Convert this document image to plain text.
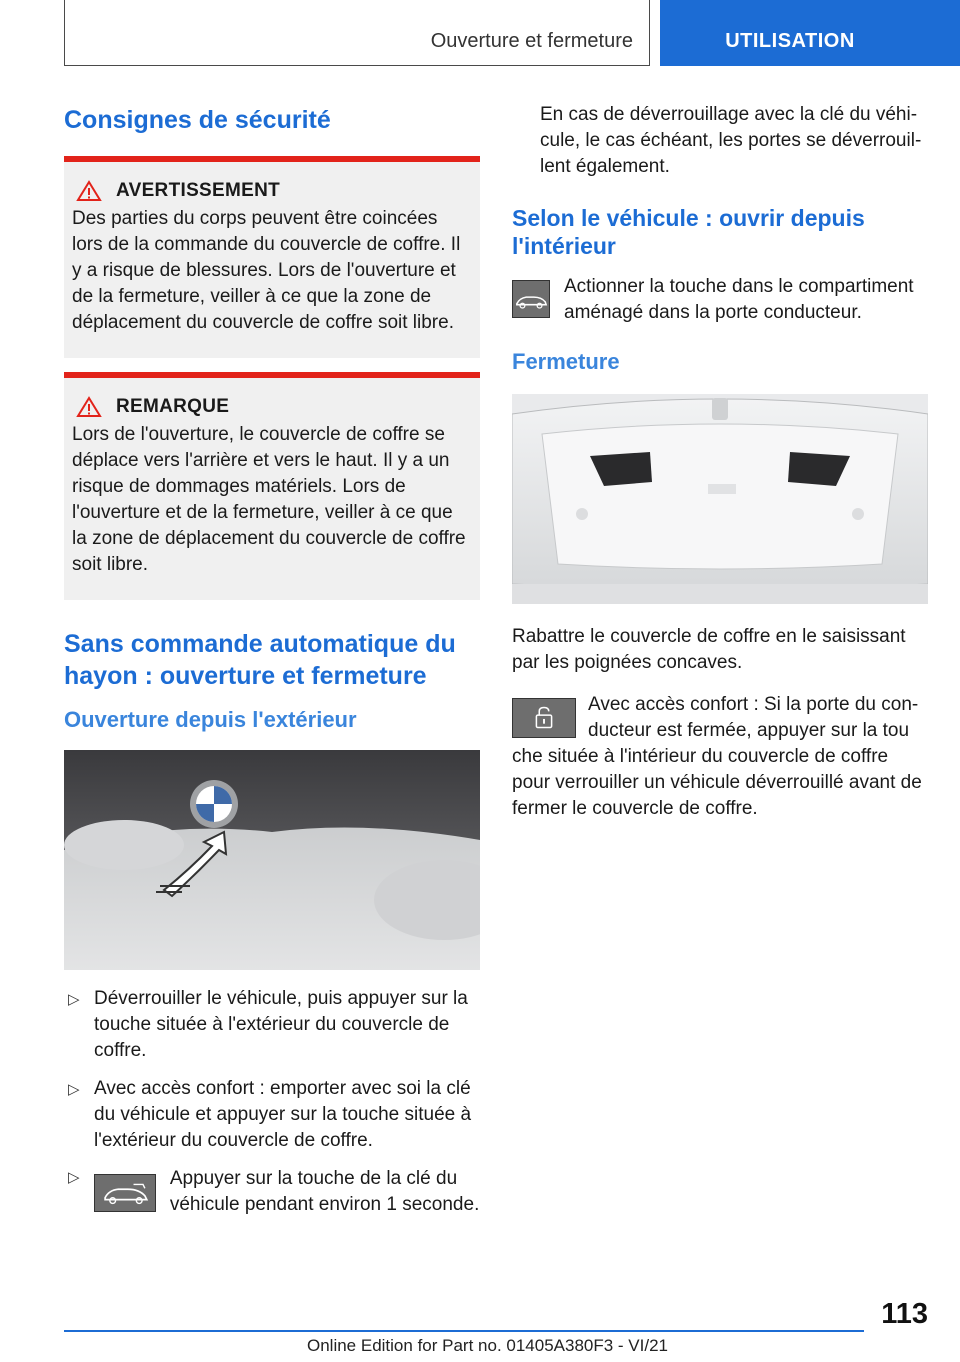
Ouverture et fermeture	UTILISATION
Consignes de sécurité
AVERTISSEMENT

Des parties du corps peuvent être coincées lors de la commande du couvercle de coffre. Il y a risque de blessures. Lors de l'ouverture et de la fermeture, veiller à ce que la zone de déplacement du couvercle de coffre soit libre.

REMARQUE

Lors de l'ouverture, le couvercle de coffre se déplace vers l'arrière et vers le haut. Il y a un risque de dommages matériels. Lors de l'ouverture et de la fermeture, veiller à ce que la zone de déplacement du couvercle de coffre soit libre.

Sans commande automatique du hayon : ouverture et fermeture
Ouverture depuis l'extérieur
▷ Déverrouiller le véhicule, puis appuyer sur la touche située à l'extérieur du couvercle de coffre.
▷ Avec accès confort : emporter avec soi la clé du véhicule et appuyer sur la touche située à l'extérieur du couvercle de coffre.
▷	Appuyer sur la touche de la clé du véhicule pendant environ 1 seconde.

En cas de déverrouillage avec la clé du véhicule, le cas échéant, les portes se déverrouillent également.

Selon le véhicule : ouvrir depuis l'intérieur

Actionner la touche dans le compartiment aménagé dans la porte conducteur.

Fermeture

Rabattre le couvercle de coffre en le saisissant par les poignées concaves.

Avec accès confort : Si la porte du conducteur est fermée, appuyer sur la tou

che située à l'intérieur du couvercle de coffre pour verrouiller un véhicule déverrouillé avant de fermer le couvercle de coffre.

113
Online Edition for Part no. 01405A380F3 - VI/21
